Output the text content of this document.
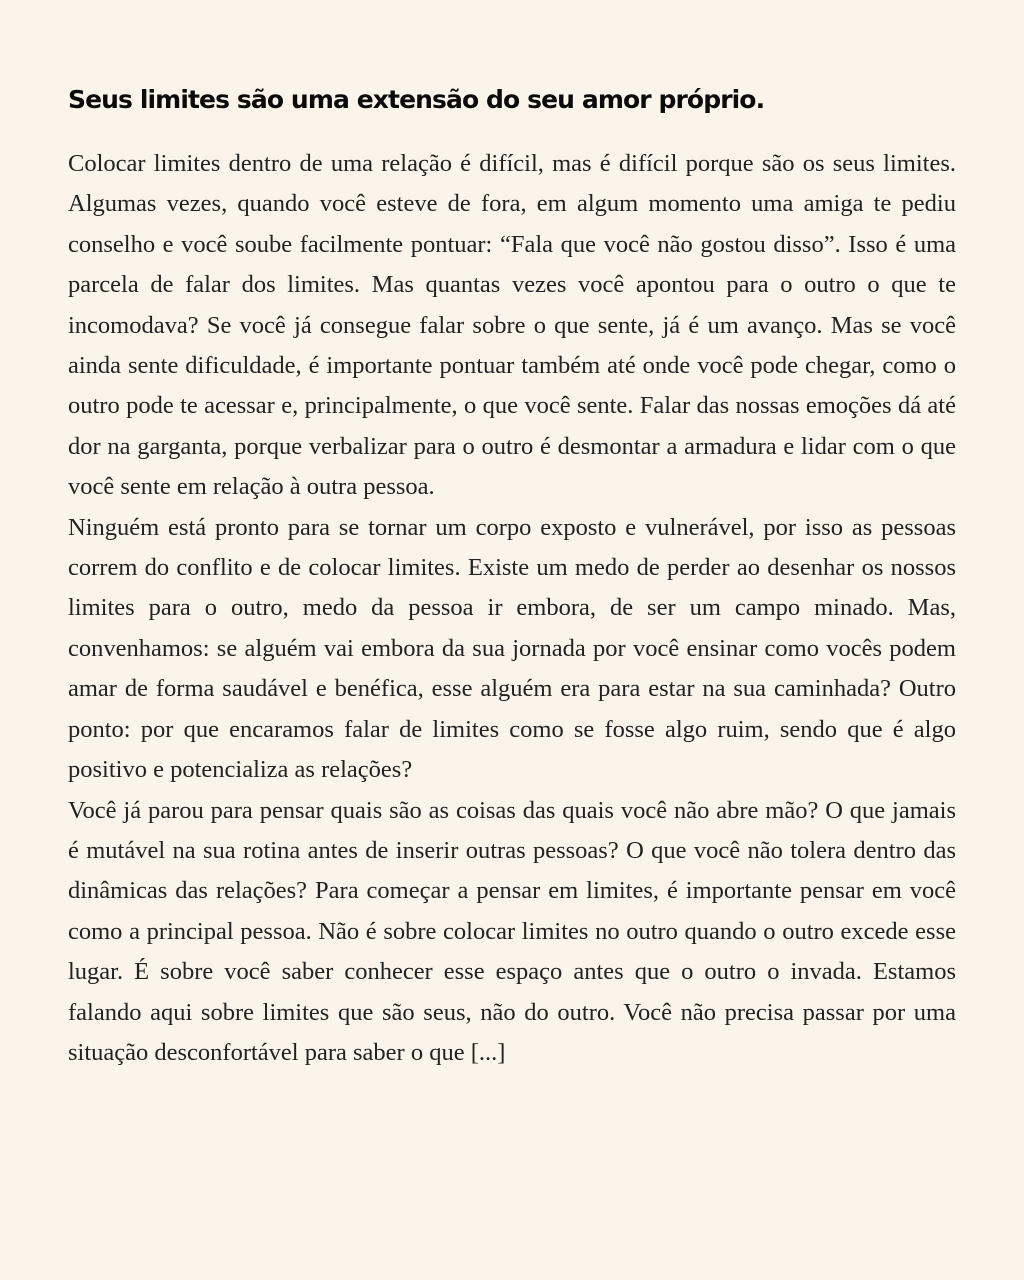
Seus limites são uma extensão do seu amor próprio.

Colocar limites dentro de uma relação é difícil, mas é difícil porque são os seus limites. Algumas vezes, quando você esteve de fora, em algum momento uma amiga te pediu conselho e você soube facilmente pontuar: “Fala que você não gostou disso”. Isso é uma parcela de falar dos limites. Mas quantas vezes você apontou para o outro o que te incomodava? Se você já consegue falar sobre o que sente, já é um avanço. Mas se você ainda sente dificuldade, é importante pontuar também até onde você pode chegar, como o outro pode te acessar e, principalmente, o que você sente. Falar das nossas emoções dá até dor na garganta, porque verbalizar para o outro é desmontar a armadura e lidar com o que você sente em relação à outra pessoa.

Ninguém está pronto para se tornar um corpo exposto e vulnerável, por isso as pessoas correm do conflito e de colocar limites. Existe um medo de perder ao desenhar os nossos limites para o outro, medo da pessoa ir embora, de ser um campo minado. Mas, convenhamos: se alguém vai embora da sua jornada por você ensinar como vocês podem amar de forma saudável e benéfica, esse alguém era para estar na sua caminhada? Outro ponto: por que encaramos falar de limites como se fosse algo ruim, sendo que é algo positivo e potencializa as relações?

Você já parou para pensar quais são as coisas das quais você não abre mão? O que jamais é mutável na sua rotina antes de inserir outras pessoas? O que você não tolera dentro das dinâmicas das relações? Para começar a pensar em limites, é importante pensar em você como a principal pessoa. Não é sobre colocar limites no outro quando o outro excede esse lugar. É sobre você saber conhecer esse espaço antes que o outro o invada. Estamos falando aqui sobre limites que são seus, não do outro. Você não precisa passar por uma situação desconfortável para saber o que [...]
